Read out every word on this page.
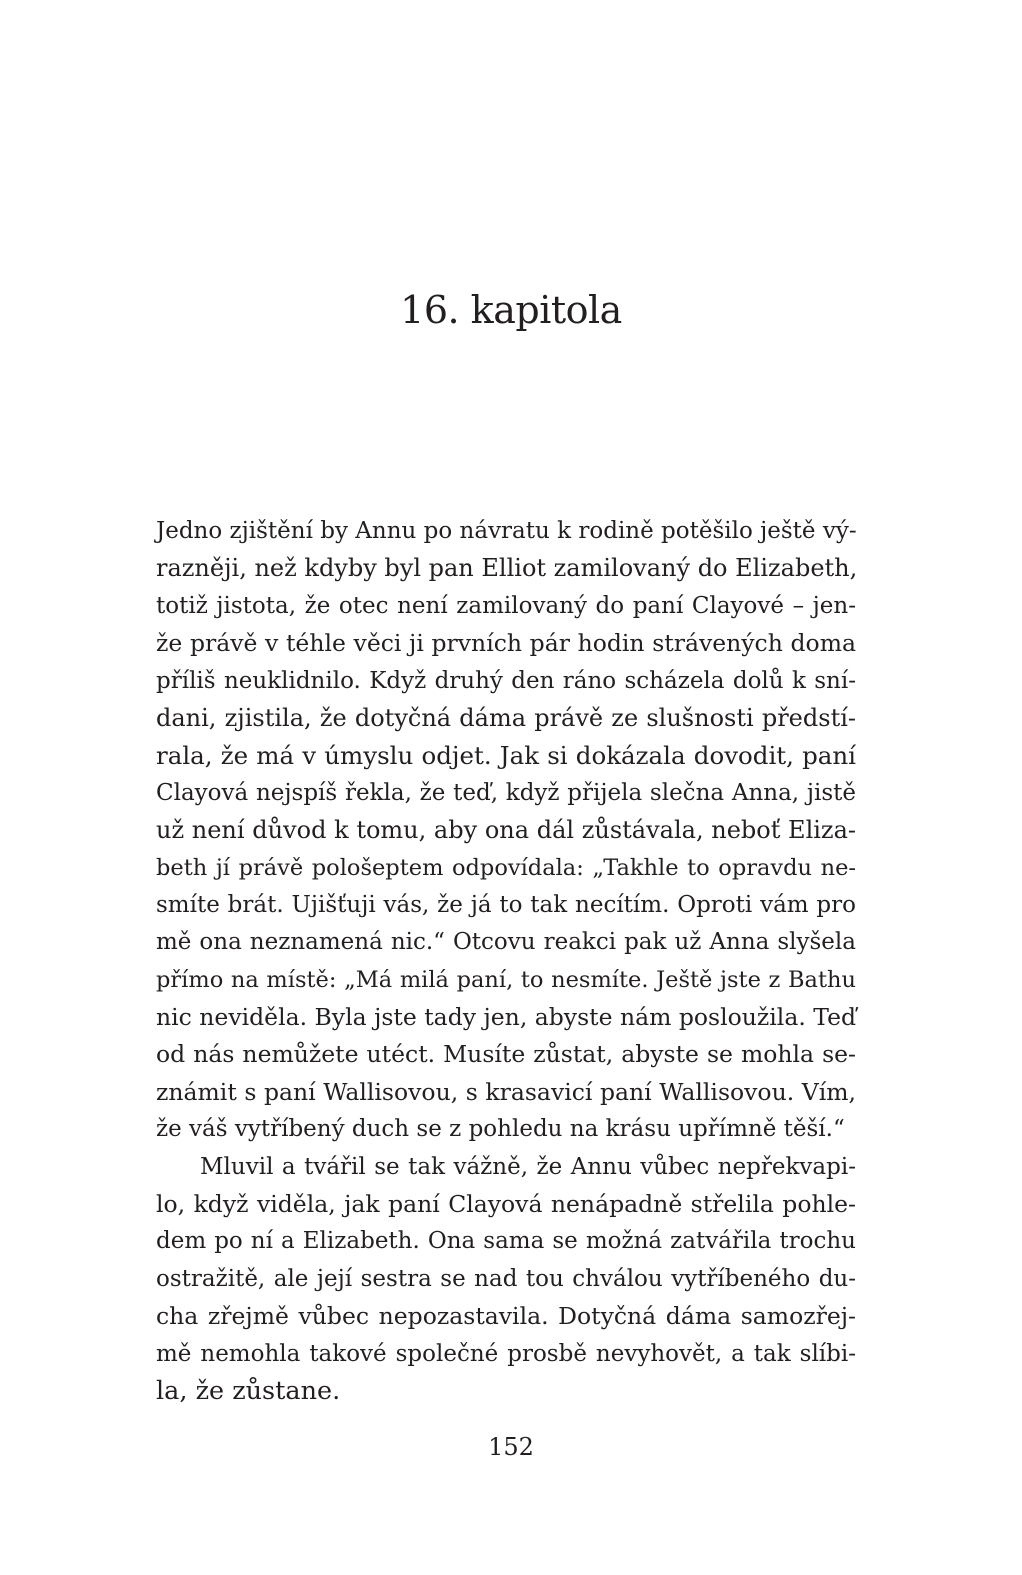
16. kapitola
Jedno zjištění by Annu po návratu k rodině potěšilo ještě vý-
razněji, než kdyby byl pan Elliot zamilovaný do Elizabeth,
totiž jistota, že otec není zamilovaný do paní Clayové – jen-
že právě v téhle věci ji prvních pár hodin strávených doma
příliš neuklidnilo. Když druhý den ráno scházela dolů k sní-
dani, zjistila, že dotyčná dáma právě ze slušnosti předstí-
rala, že má v úmyslu odjet. Jak si dokázala dovodit, paní
Clayová nejspíš řekla, že teď, když přijela slečna Anna, jistě
už není důvod k tomu, aby ona dál zůstávala, neboť Eliza-
beth jí právě pološeptem odpovídala: „Takhle to opravdu ne-
smíte brát. Ujišťuji vás, že já to tak necítím. Oproti vám pro
mě ona neznamená nic.“ Otcovu reakci pak už Anna slyšela
přímo na místě: „Má milá paní, to nesmíte. Ještě jste z Bathu
nic neviděla. Byla jste tady jen, abyste nám posloužila. Teď
od nás nemůžete utéct. Musíte zůstat, abyste se mohla se-
známit s paní Wallisovou, s krasavicí paní Wallisovou. Vím,
že váš vytříbený duch se z pohledu na krásu upřímně těší.“
Mluvil a tvářil se tak vážně, že Annu vůbec nepřekvapi-
lo, když viděla, jak paní Clayová nenápadně střelila pohle-
dem po ní a Elizabeth. Ona sama se možná zatvářila trochu
ostražitě, ale její sestra se nad tou chválou vytříbeného du-
cha zřejmě vůbec nepozastavila. Dotyčná dáma samozřej-
mě nemohla takové společné prosbě nevyhovět, a tak slíbi-
la, že zůstane.
152
